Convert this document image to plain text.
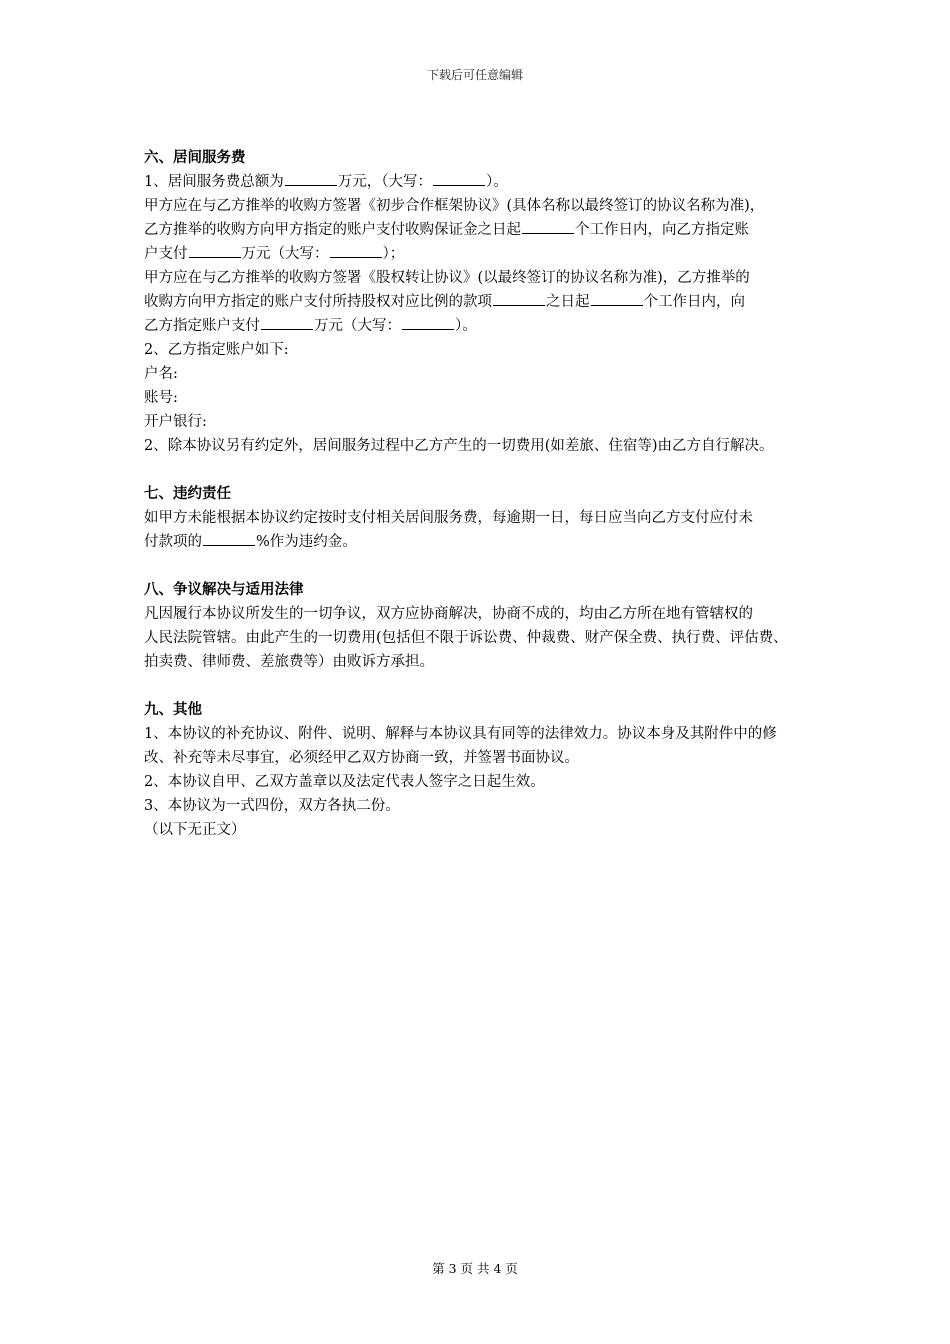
下载后可任意编辑
六、居间服务费
1、居间服务费总额为	万元，（大写：	）。
甲方应在与乙方推举的收购方签署《初步合作框架协议》(具体名称以最终签订的协议名称为准)，
乙方推举的收购方向甲方指定的账户支付收购保证金之日起	个工作日内，向乙方指定账
户支付	万元（大写：	）；
甲方应在与乙方推举的收购方签署《股权转让协议》(以最终签订的协议名称为准)，乙方推举的
收购方向甲方指定的账户支付所持股权对应比例的款项	之日起	个工作日内，向
乙方指定账户支付	万元（大写：	）。
2、乙方指定账户如下:
户名:
账号:
开户银行:
2、除本协议另有约定外，居间服务过程中乙方产生的一切费用(如差旅、住宿等)由乙方自行解决。
七、违约责任
如甲方未能根据本协议约定按时支付相关居间服务费，每逾期一日，每日应当向乙方支付应付未
付款项的	%作为违约金。
八、争议解决与适用法律
凡因履行本协议所发生的一切争议，双方应协商解决，协商不成的，均由乙方所在地有管辖权的
人民法院管辖。由此产生的一切费用(包括但不限于诉讼费、仲裁费、财产保全费、执行费、评估费、
拍卖费、律师费、差旅费等）由败诉方承担。
九、其他
1、本协议的补充协议、附件、说明、解释与本协议具有同等的法律效力。协议本身及其附件中的修
改、补充等未尽事宜，必须经甲乙双方协商一致，并签署书面协议。
2、本协议自甲、乙双方盖章以及法定代表人签字之日起生效。
3、本协议为一式四份，双方各执二份。
（以下无正文）
第 3 页 共 4 页
